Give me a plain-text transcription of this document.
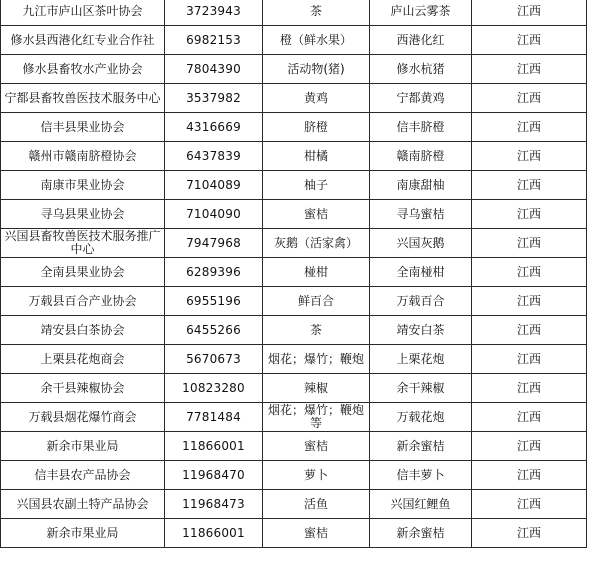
九江市庐山区茶叶协会	3723943	茶	庐山云雾茶	江西
修水县西港化红专业合作社	6982153	橙（鲜水果）	西港化红	江西
修水县畜牧水产业协会	7804390	活动物(猪)	修水杭猪	江西
宁都县畜牧兽医技术服务中心	3537982	黄鸡	宁都黄鸡	江西
信丰县果业协会	4316669	脐橙	信丰脐橙	江西
赣州市赣南脐橙协会	6437839	柑橘	赣南脐橙	江西
南康市果业协会	7104089	柚子	南康甜柚	江西
寻乌县果业协会	7104090	蜜桔	寻乌蜜桔	江西
兴国县畜牧兽医技术服务推广中心	7947968	灰鹅（活家禽）	兴国灰鹅	江西
全南县果业协会	6289396	椪柑	全南椪柑	江西
万载县百合产业协会	6955196	鲜百合	万载百合	江西
靖安县白茶协会	6455266	茶	靖安白茶	江西
上栗县花炮商会	5670673	烟花；爆竹；鞭炮	上栗花炮	江西
余干县辣椒协会	10823280	辣椒	余干辣椒	江西
万载县烟花爆竹商会	7781484	烟花；爆竹；鞭炮等	万载花炮	江西
新余市果业局	11866001	蜜桔	新余蜜桔	江西
信丰县农产品协会	11968470	萝卜	信丰萝卜	江西
兴国县农副土特产品协会	11968473	活鱼	兴国红鲤鱼	江西
新余市果业局	11866001	蜜桔	新余蜜桔	江西
